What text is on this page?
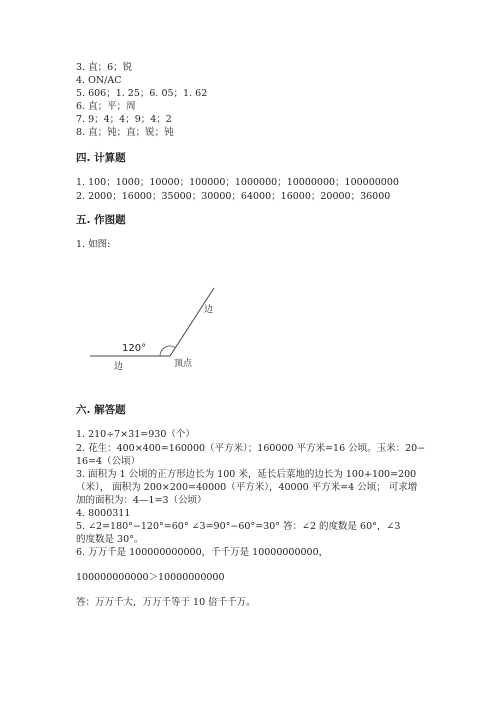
3. 直；6；锐
4. ON/AC
5. 606；1. 25；6. 05；1. 62
6. 直；平；周
7. 9；4；4；9；4；2
8. 直；钝；直；锐；钝
四. 计算题
1. 100；1000；10000；100000；1000000；10000000；100000000
2. 2000；16000；35000；30000；64000；16000；20000；36000
五. 作图题
1. 如图:
120°
边
边	顶点
六. 解答题
1. 210÷7×31=930（个）
2. 花生：400×400=160000（平方米）；160000 平方米=16 公顷。玉米：20−
16=4（公顷）
3. 面积为 1 公顷的正方形边长为 100 米，延长后菜地的边长为 100+100=200
（米）， 面积为 200×200=40000（平方米），40000 平方米=4 公顷； 可求增
加的面积为：4—1=3（公顷）
4. 8000311
5. ∠2=180°−120°=60° ∠3=90°−60°=30° 答：∠2 的度数是 60°，∠3
的度数是 30°。
6. 万万千是 100000000000，千千万是 10000000000，
100000000000＞10000000000
答：万万千大，万万千等于 10 倍千千万。
